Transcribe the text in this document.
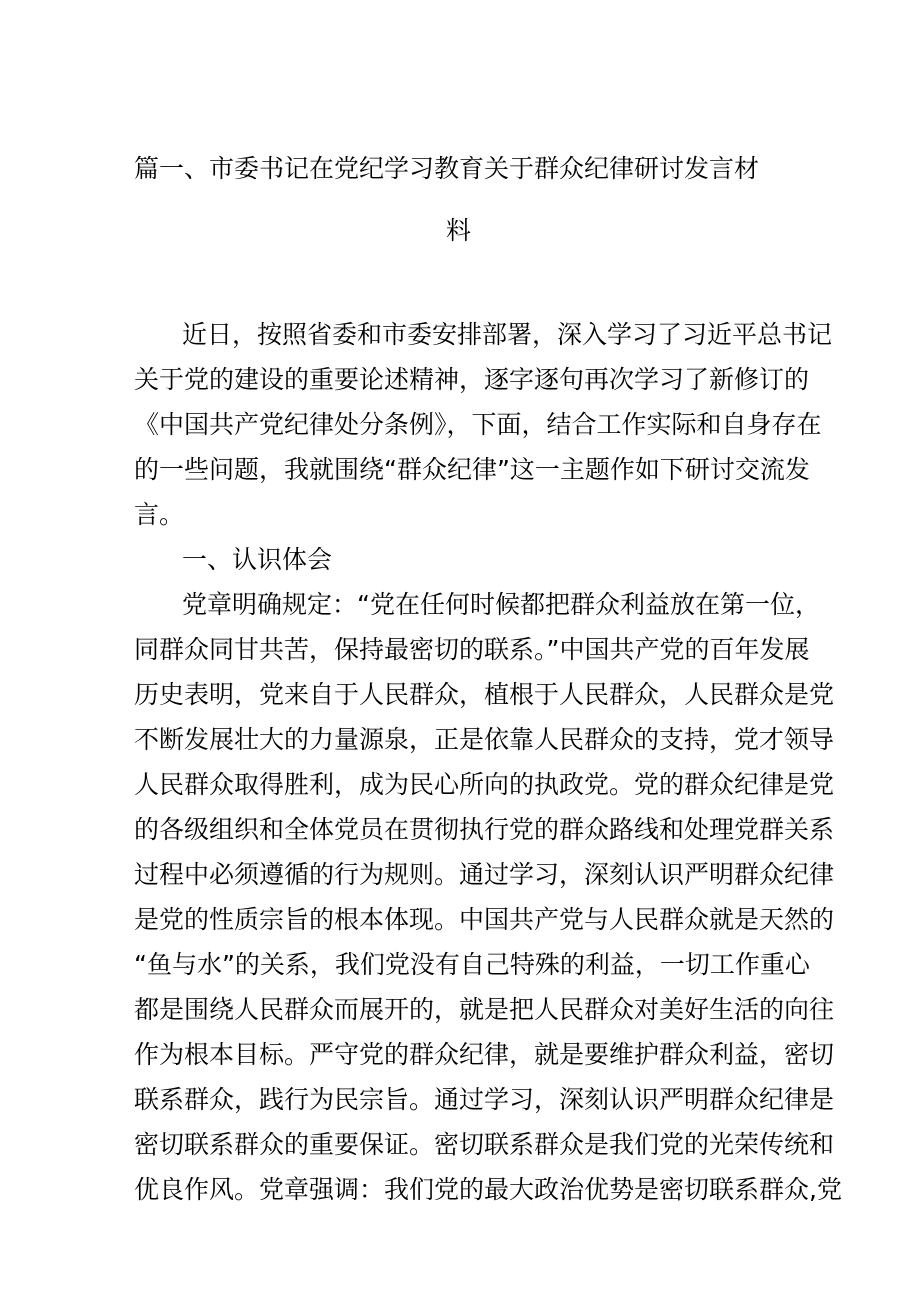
篇一、市委书记在党纪学习教育关于群众纪律研讨发言材
料
近日，按照省委和市委安排部署，深入学习了习近平总书记
关于党的建设的重要论述精神，逐字逐句再次学习了新修订的
《中国共产党纪律处分条例》，下面，结合工作实际和自身存在
的一些问题，我就围绕“群众纪律”这一主题作如下研讨交流发
言。
一、认识体会
党章明确规定：“党在任何时候都把群众利益放在第一位，
同群众同甘共苦，保持最密切的联系。”中国共产党的百年发展
历史表明，党来自于人民群众，植根于人民群众，人民群众是党
不断发展壮大的力量源泉，正是依靠人民群众的支持，党才领导
人民群众取得胜利，成为民心所向的执政党。党的群众纪律是党
的各级组织和全体党员在贯彻执行党的群众路线和处理党群关系
过程中必须遵循的行为规则。通过学习，深刻认识严明群众纪律
是党的性质宗旨的根本体现。中国共产党与人民群众就是天然的
“鱼与水”的关系，我们党没有自己特殊的利益，一切工作重心
都是围绕人民群众而展开的，就是把人民群众对美好生活的向往
作为根本目标。严守党的群众纪律，就是要维护群众利益，密切
联系群众，践行为民宗旨。通过学习，深刻认识严明群众纪律是
密切联系群众的重要保证。密切联系群众是我们党的光荣传统和
优良作风。党章强调：我们党的最大政治优势是密切联系群众,党
